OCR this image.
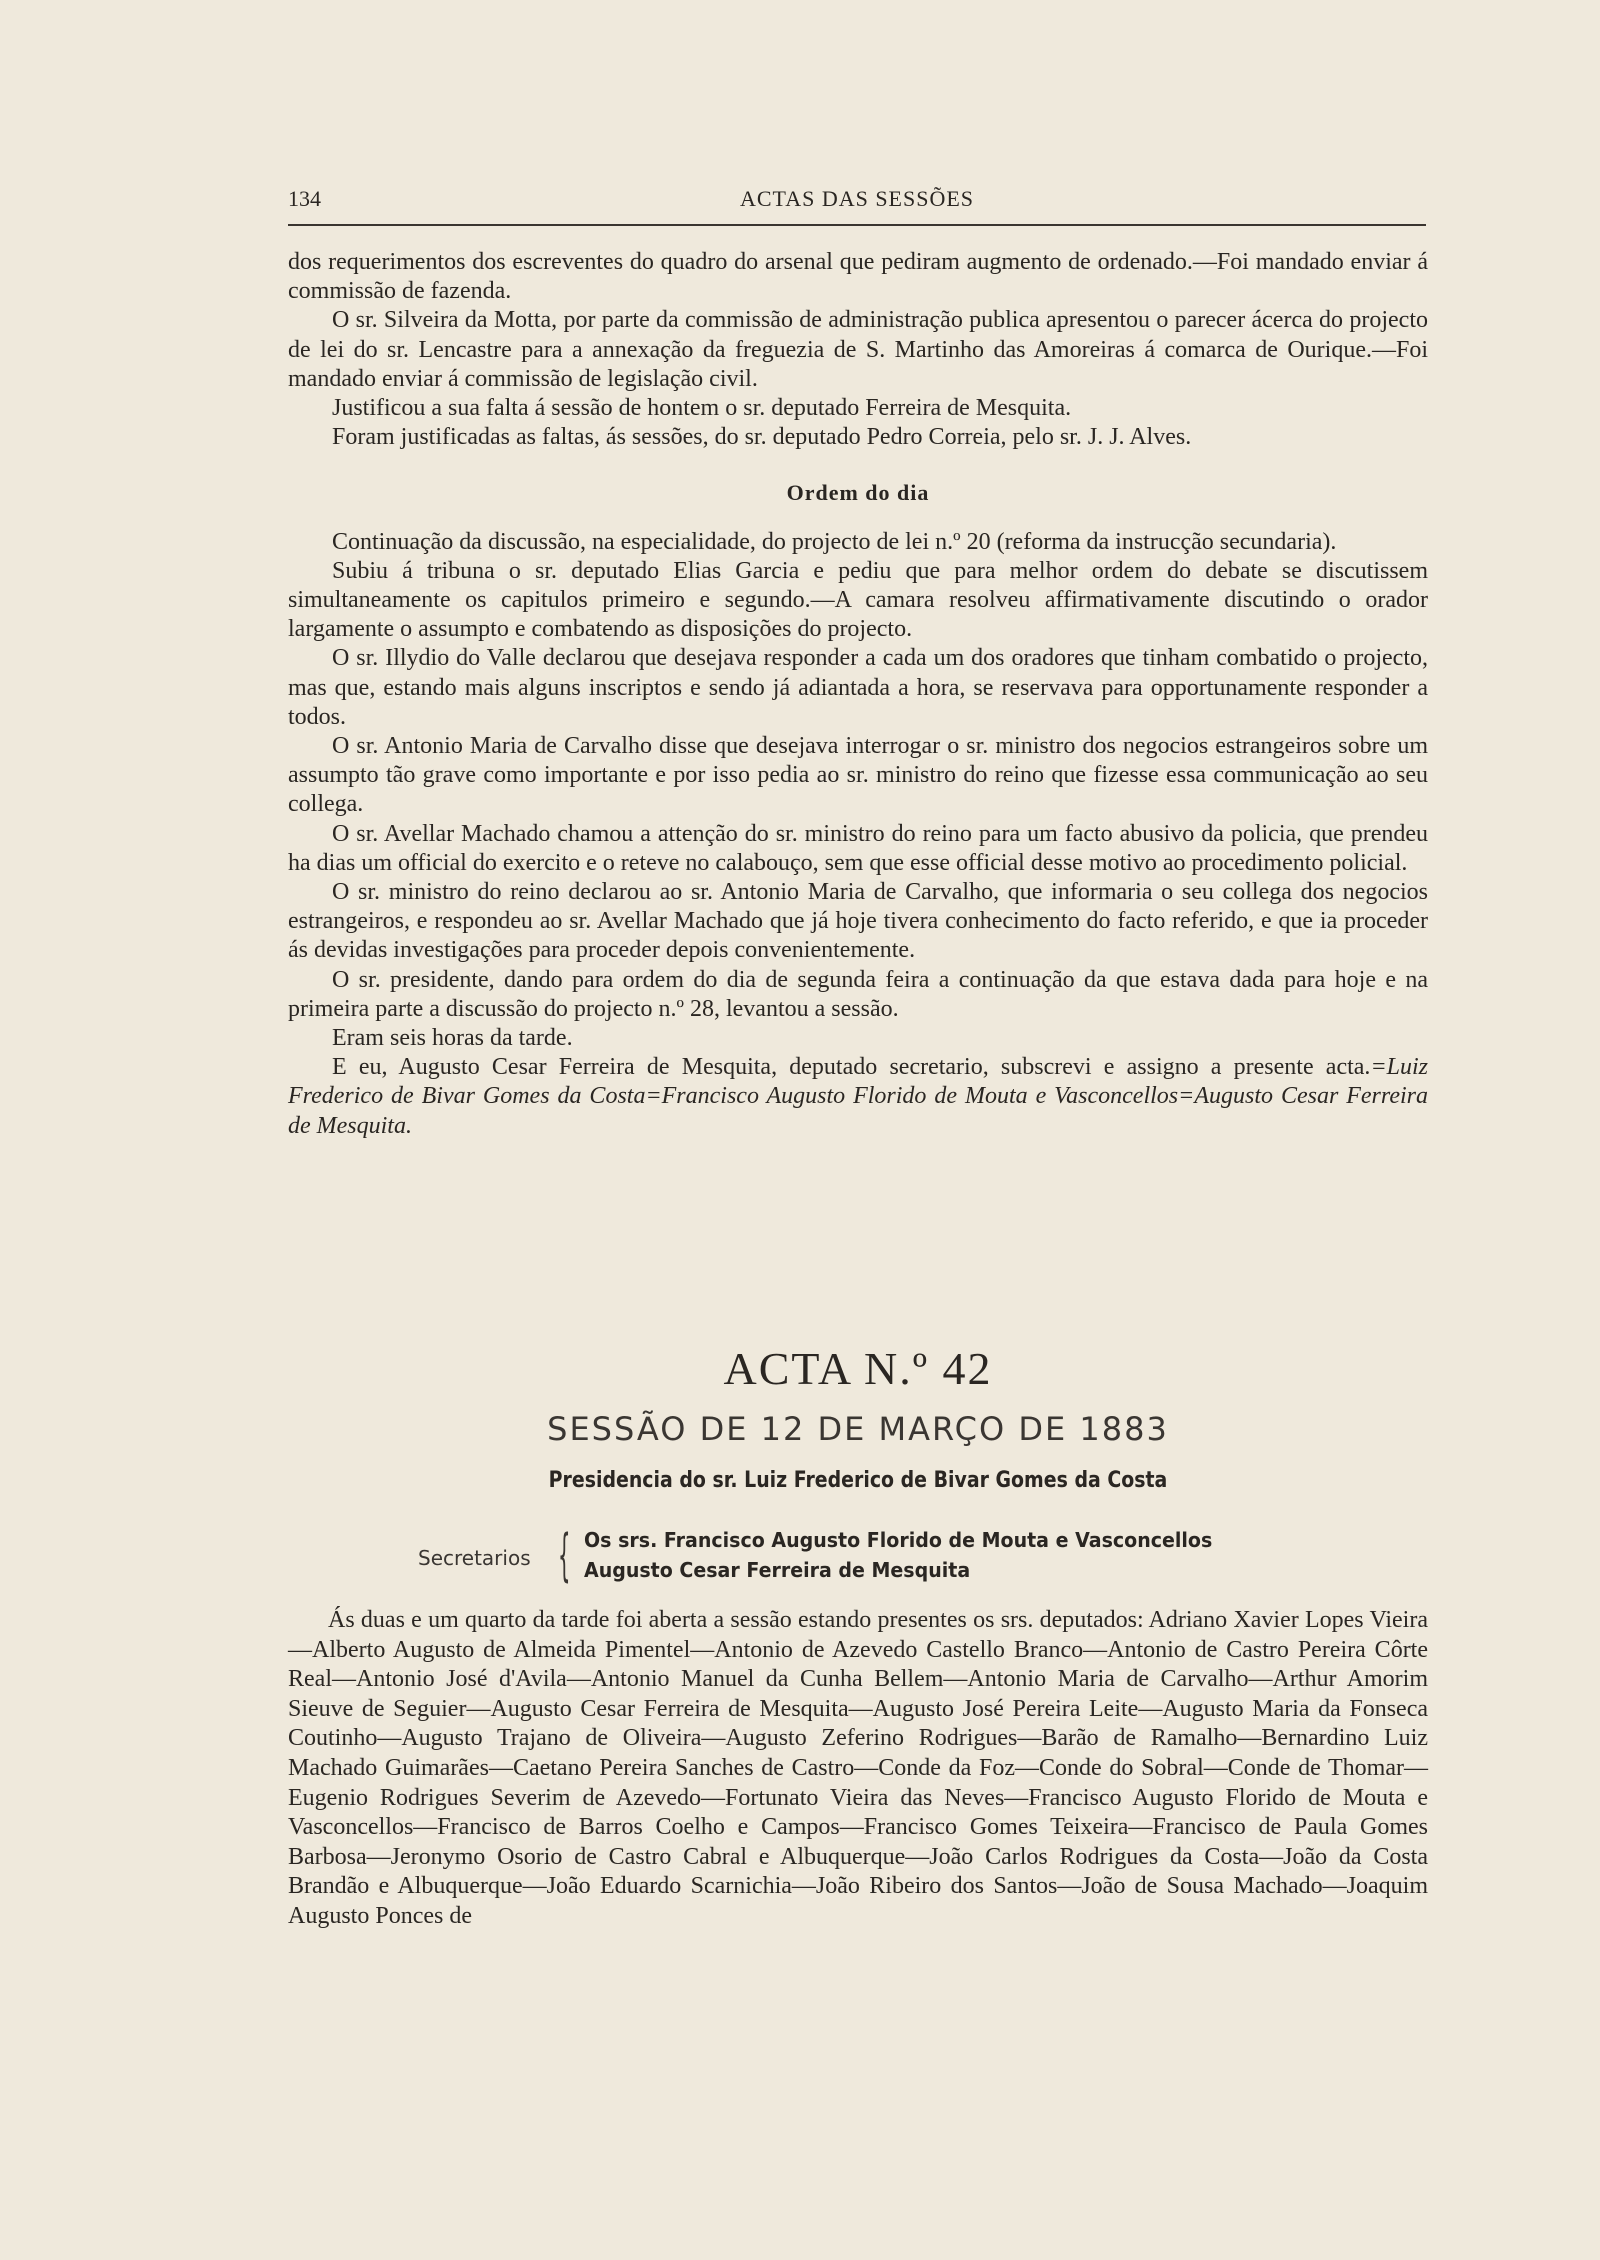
134	ACTAS DAS SESSÕES

dos requerimentos dos escreventes do quadro do arsenal que pediram augmento de ordenado.—Foi mandado enviar á commissão de fazenda.

O sr. Silveira da Motta, por parte da commissão de administração publica apresentou o parecer ácerca do projecto de lei do sr. Lencastre para a annexação da freguezia de S. Martinho das Amoreiras á comarca de Ourique.—Foi mandado enviar á commissão de legislação civil.

Justificou a sua falta á sessão de hontem o sr. deputado Ferreira de Mesquita.

Foram justificadas as faltas, ás sessões, do sr. deputado Pedro Correia, pelo sr. J. J. Alves.

Ordem do dia

Continuação da discussão, na especialidade, do projecto de lei n.º 20 (reforma da instrucção secundaria).

Subiu á tribuna o sr. deputado Elias Garcia e pediu que para melhor ordem do debate se discutissem simultaneamente os capitulos primeiro e segundo.—A camara resolveu affirmativamente discutindo o orador largamente o assumpto e combatendo as disposições do projecto.

O sr. Illydio do Valle declarou que desejava responder a cada um dos oradores que tinham combatido o projecto, mas que, estando mais alguns inscriptos e sendo já adiantada a hora, se reservava para opportunamente responder a todos.

O sr. Antonio Maria de Carvalho disse que desejava interrogar o sr. ministro dos negocios estrangeiros sobre um assumpto tão grave como importante e por isso pedia ao sr. ministro do reino que fizesse essa communicação ao seu collega.

O sr. Avellar Machado chamou a attenção do sr. ministro do reino para um facto abusivo da policia, que prendeu ha dias um official do exercito e o reteve no calabouço, sem que esse official desse motivo ao procedimento policial.

O sr. ministro do reino declarou ao sr. Antonio Maria de Carvalho, que informaria o seu collega dos negocios estrangeiros, e respondeu ao sr. Avellar Machado que já hoje tivera conhecimento do facto referido, e que ia proceder ás devidas investigações para proceder depois convenientemente.

O sr. presidente, dando para ordem do dia de segunda feira a continuação da que estava dada para hoje e na primeira parte a discussão do projecto n.º 28, levantou a sessão.

Eram seis horas da tarde.

E eu, Augusto Cesar Ferreira de Mesquita, deputado secretario, subscrevi e assigno a presente acta.=Luiz Frederico de Bivar Gomes da Costa=Francisco Augusto Florido de Mouta e Vasconcellos=Augusto Cesar Ferreira de Mesquita.

ACTA N.º 42
SESSÃO DE 12 DE MARÇO DE 1883
Presidencia do sr. Luiz Frederico de Bivar Gomes da Costa
Secretarios { Os srs. Francisco Augusto Florido de Mouta e Vasconcellos
Augusto Cesar Ferreira de Mesquita

Ás duas e um quarto da tarde foi aberta a sessão estando presentes os srs. deputados: Adriano Xavier Lopes Vieira—Alberto Augusto de Almeida Pimentel—Antonio de Azevedo Castello Branco—Antonio de Castro Pereira Côrte Real—Antonio José d'Avila—Antonio Manuel da Cunha Bellem—Antonio Maria de Carvalho—Arthur Amorim Sieuve de Seguier—Augusto Cesar Ferreira de Mesquita—Augusto José Pereira Leite—Augusto Maria da Fonseca Coutinho—Augusto Trajano de Oliveira—Augusto Zeferino Rodrigues—Barão de Ramalho—Bernardino Luiz Machado Guimarães—Caetano Pereira Sanches de Castro—Conde da Foz—Conde do Sobral—Conde de Thomar—Eugenio Rodrigues Severim de Azevedo—Fortunato Vieira das Neves—Francisco Augusto Florido de Mouta e Vasconcellos—Francisco de Barros Coelho e Campos—Francisco Gomes Teixeira—Francisco de Paula Gomes Barbosa—Jeronymo Osorio de Castro Cabral e Albuquerque—João Carlos Rodrigues da Costa—João da Costa Brandão e Albuquerque—João Eduardo Scarnichia—João Ribeiro dos Santos—João de Sousa Machado—Joaquim Augusto Ponces de
